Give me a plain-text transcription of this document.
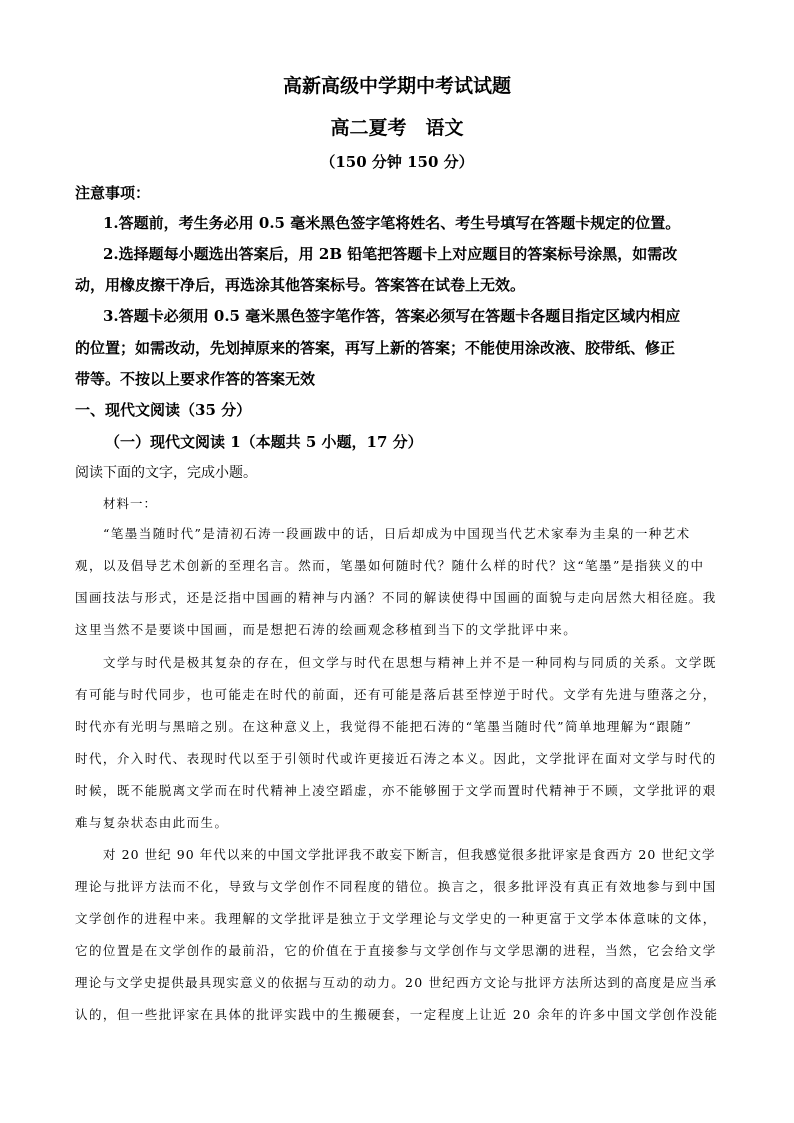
高新高级中学期中考试试题
高二夏考　语文
（150 分钟 150 分）
注意事项：
1.答题前，考生务必用 0.5 毫米黑色签字笔将姓名、考生号填写在答题卡规定的位置。
2.选择题每小题选出答案后，用 2B 铅笔把答题卡上对应题目的答案标号涂黑，如需改
动，用橡皮擦干净后，再选涂其他答案标号。答案答在试卷上无效。
3.答题卡必须用 0.5 毫米黑色签字笔作答，答案必须写在答题卡各题目指定区域内相应
的位置；如需改动，先划掉原来的答案，再写上新的答案；不能使用涂改液、胶带纸、修正
带等。不按以上要求作答的答案无效
一、现代文阅读（35 分）
（一）现代文阅读 1（本题共 5 小题，17 分）
阅读下面的文字，完成小题。
材料一：
“笔墨当随时代”是清初石涛一段画跋中的话，日后却成为中国现当代艺术家奉为圭臬的一种艺术
观，以及倡导艺术创新的至理名言。然而，笔墨如何随时代？随什么样的时代？这“笔墨”是指狭义的中
国画技法与形式，还是泛指中国画的精神与内涵？不同的解读使得中国画的面貌与走向居然大相径庭。我
这里当然不是要谈中国画，而是想把石涛的绘画观念移植到当下的文学批评中来。
文学与时代是极其复杂的存在，但文学与时代在思想与精神上并不是一种同构与同质的关系。文学既
有可能与时代同步，也可能走在时代的前面，还有可能是落后甚至悖逆于时代。文学有先进与堕落之分，
时代亦有光明与黑暗之别。在这种意义上，我觉得不能把石涛的“笔墨当随时代”简单地理解为“跟随”
时代，介入时代、表现时代以至于引领时代或许更接近石涛之本义。因此，文学批评在面对文学与时代的
时候，既不能脱离文学而在时代精神上凌空蹈虚，亦不能够囿于文学而置时代精神于不顾，文学批评的艰
难与复杂状态由此而生。
对 20 世纪 90 年代以来的中国文学批评我不敢妄下断言，但我感觉很多批评家是食西方 20 世纪文学
理论与批评方法而不化，导致与文学创作不同程度的错位。换言之，很多批评没有真正有效地参与到中国
文学创作的进程中来。我理解的文学批评是独立于文学理论与文学史的一种更富于文学本体意味的文体，
它的位置是在文学创作的最前沿，它的价值在于直接参与文学创作与文学思潮的进程，当然，它会给文学
理论与文学史提供最具现实意义的依据与互动的动力。20 世纪西方文论与批评方法所达到的高度是应当承
认的，但一些批评家在具体的批评实践中的生搬硬套，一定程度上让近 20 余年的许多中国文学创作没能
